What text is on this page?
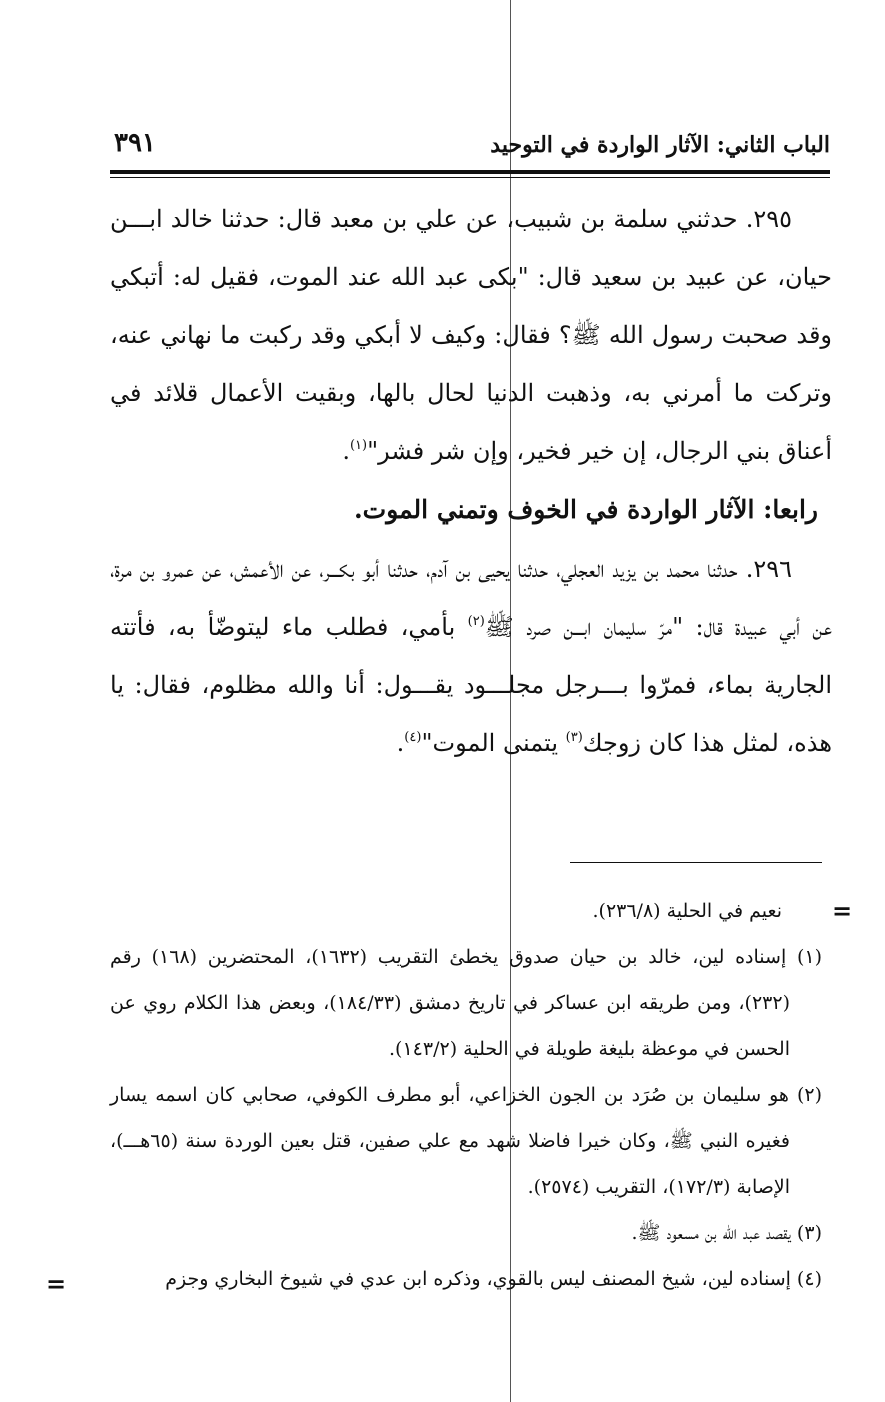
الباب الثاني: الآثار الواردة في التوحيد
٣٩١

٢٩٥. حدثني سلمة بن شبيب، عن علي بن معبد قال: حدثنا خالد ابـــن حيان، عن عبيد بن سعيد قال: "بكى عبد الله عند الموت، فقيل له: أتبكي وقد صحبت رسول الله ﷺ؟ فقال: وكيف لا أبكي وقد ركبت ما نهاني عنه، وتركت ما أمرني به، وذهبت الدنيا لحال بالها، وبقيت الأعمال قلائد في أعناق بني الرجال، إن خير فخير، وإن شر فشر"$^{(١)}$.

رابعا: الآثار الواردة في الخوف وتمني الموت.

٢٩٦. حدثنا محمد بن يزيد العجلي، حدثنا يحيى بن آدم، حدثنا أبو بكـــر، عن الأعمش، عن عمرو بن مرة، عن أبي عبيدة قال: "مرّ سليمان ابـــن صرد ﷺ$^{(٢)}$ بأمي، فطلب ماء ليتوضّأ به، فأتته الجارية بماء، فمرّوا بـــرجل مجلـــود يقـــول: أنا والله مظلوم، فقال: يا هذه، لمثل هذا كان زوجك$^{(٣)}$ يتمنى الموت"$^{(٤)}$.

=
=

نعيم في الحلية (٢٣٦/٨).

(١) إسناده لين، خالد بن حيان صدوق يخطئ التقريب (١٦٣٢)، المحتضرين (١٦٨) رقم (٢٣٢)، ومن طريقه ابن عساكر في تاريخ دمشق (١٨٤/٣٣)، وبعض هذا الكلام روي عن الحسن في موعظة بليغة طويلة في الحلية (١٤٣/٢).

(٢) هو سليمان بن صُرَد بن الجون الخزاعي، أبو مطرف الكوفي، صحابي كان اسمه يسار فغيره النبي ﷺ، وكان خيرا فاضلا شهد مع علي صفين، قتل بعين الوردة سنة (٦٥هـــ)، الإصابة (١٧٢/٣)، التقريب (٢٥٧٤).

(٣) يقصد عبد الله بن مسعود ﷺ.

(٤) إسناده لين، شيخ المصنف ليس بالقوي، وذكره ابن عدي في شيوخ البخاري وجزم
